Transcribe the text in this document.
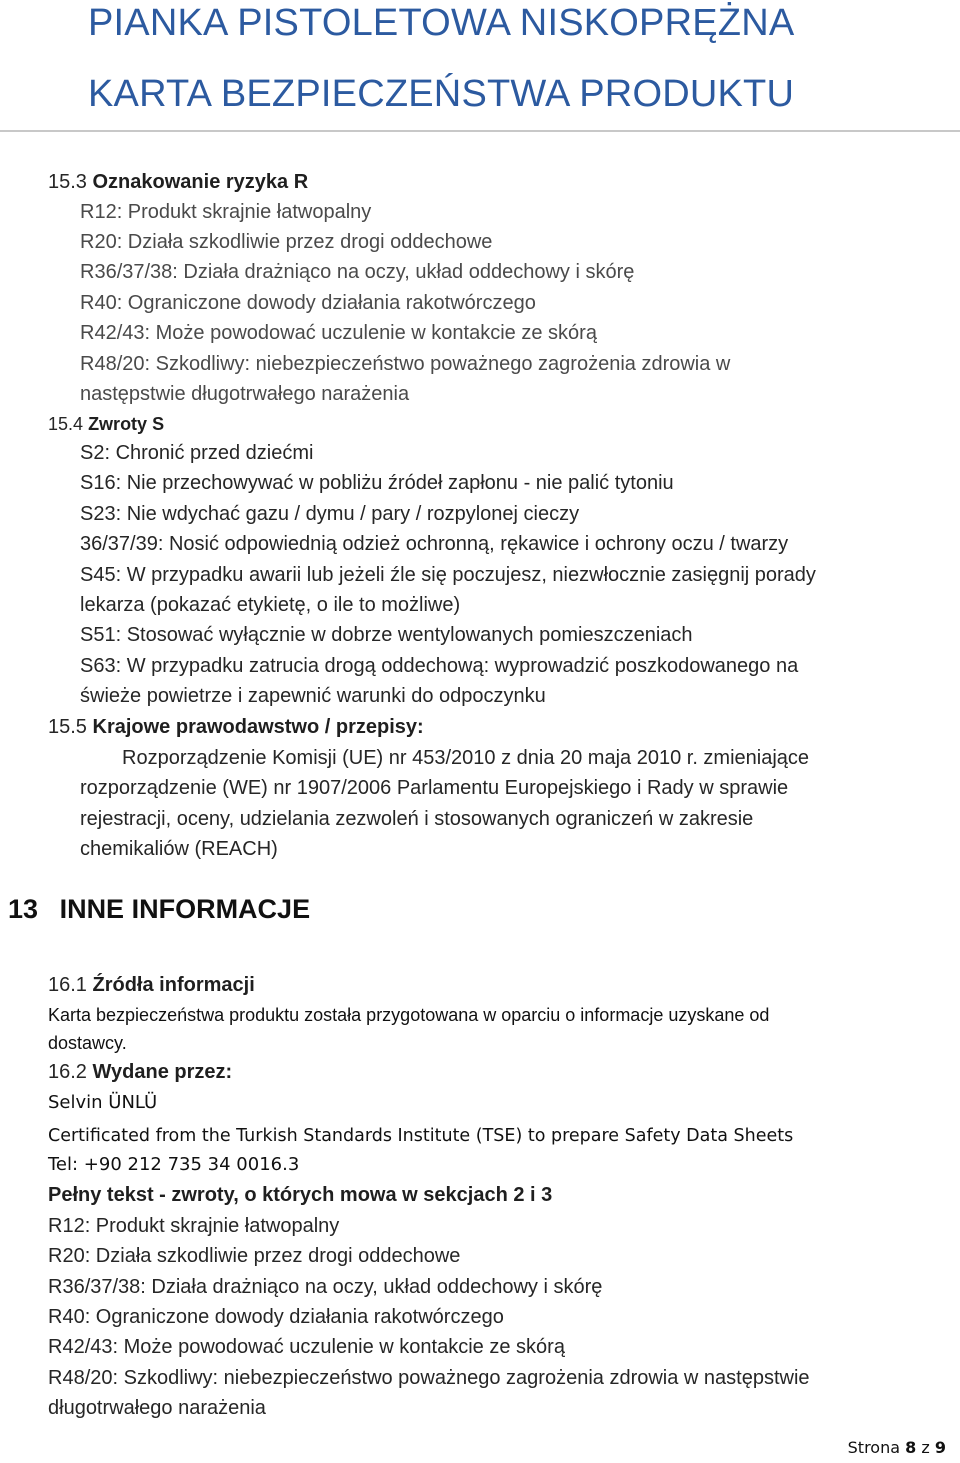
PIANKA PISTOLETOWA NISKOPRĘŻNA
KARTA BEZPIECZEŃSTWA PRODUKTU
15.3 Oznakowanie ryzyka R
R12: Produkt skrajnie łatwopalny
R20: Działa szkodliwie przez drogi oddechowe
R36/37/38: Działa drażniąco na oczy, układ oddechowy i skórę
R40: Ograniczone dowody działania rakotwórczego
R42/43: Może powodować uczulenie w kontakcie ze skórą
R48/20: Szkodliwy: niebezpieczeństwo poważnego zagrożenia zdrowia w
następstwie długotrwałego narażenia
15.4 Zwroty S
S2: Chronić przed dziećmi
S16: Nie przechowywać w pobliżu źródeł zapłonu - nie palić tytoniu
S23: Nie wdychać gazu / dymu / pary / rozpylonej cieczy
36/37/39: Nosić odpowiednią odzież ochronną, rękawice i ochrony oczu / twarzy
S45: W przypadku awarii lub jeżeli źle się poczujesz, niezwłocznie zasięgnij porady
lekarza (pokazać etykietę, o ile to możliwe)
S51: Stosować wyłącznie w dobrze wentylowanych pomieszczeniach
S63: W przypadku zatrucia drogą oddechową: wyprowadzić poszkodowanego na
świeże powietrze i zapewnić warunki do odpoczynku
15.5 Krajowe prawodawstwo / przepisy:
Rozporządzenie Komisji (UE) nr 453/2010 z dnia 20 maja 2010 r. zmieniające
rozporządzenie (WE) nr 1907/2006 Parlamentu Europejskiego i Rady w sprawie
rejestracji, oceny, udzielania zezwoleń i stosowanych ograniczeń w zakresie
chemikaliów (REACH)
13 INNE INFORMACJE
16.1 Źródła informacji
Karta bezpieczeństwa produktu została przygotowana w oparciu o informacje uzyskane od
dostawcy.
16.2 Wydane przez:
Selvin ÜNLÜ
Certificated from the Turkish Standards Institute (TSE) to prepare Safety Data Sheets
Tel: +90 212 735 34 0016.3
Pełny tekst - zwroty, o których mowa w sekcjach 2 i 3
R12: Produkt skrajnie łatwopalny
R20: Działa szkodliwie przez drogi oddechowe
R36/37/38: Działa drażniąco na oczy, układ oddechowy i skórę
R40: Ograniczone dowody działania rakotwórczego
R42/43: Może powodować uczulenie w kontakcie ze skórą
R48/20: Szkodliwy: niebezpieczeństwo poważnego zagrożenia zdrowia w następstwie
długotrwałego narażenia
Strona 8 z 9
